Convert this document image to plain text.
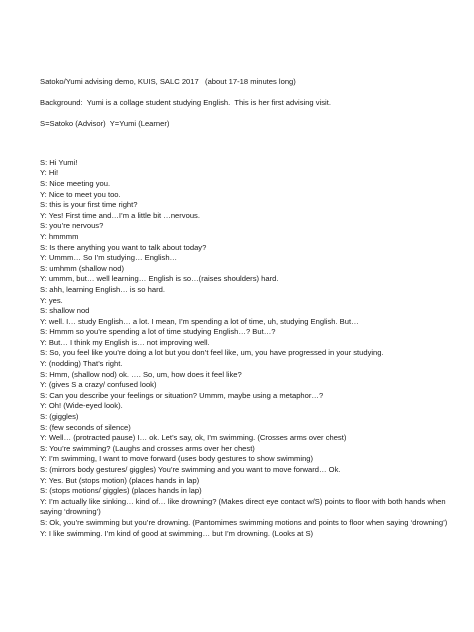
Satoko/Yumi advising demo, KUIS, SALC 2017   (about 17-18 minutes long)

Background:  Yumi is a collage student studying English.  This is her first advising visit.

S=Satoko (Advisor)  Y=Yumi (Learner)

S: Hi Yumi!

Y: Hi!

S: Nice meeting you.

Y: Nice to meet you too.

S: this is your first time right?

Y: Yes! First time and…I’m a little bit …nervous.

S: you’re nervous?

Y: hmmmm

S: Is there anything you want to talk about today?

Y: Ummm… So I’m studying… English…

S: umhmm (shallow nod)

Y: ummm, but… well learning… English is so…(raises shoulders) hard.

S: ahh, learning English… is so hard.

Y: yes.

S: shallow nod

Y: well. I… study English… a lot. I mean, I’m spending a lot of time, uh, studying English. But…

S: Hmmm so you’re spending a lot of time studying English…? But…?

Y: But… I think my English is… not improving well.

S: So, you feel like you’re doing a lot but you don’t feel like, um, you have progressed in your studying.

Y: (nodding) That’s right.

S: Hmm, (shallow nod) ok. …. So, um, how does it feel like?

Y: (gives S a crazy/ confused look)

S: Can you describe your feelings or situation? Ummm, maybe using a metaphor…?

Y: Oh! (Wide-eyed look).

S: (giggles)

S: (few seconds of silence)

Y: Well… (protracted pause) I… ok. Let’s say, ok, I’m swimming. (Crosses arms over chest)

S: You’re swimming? (Laughs and crosses arms over her chest)

Y: I’m swimming, I want to move forward (uses body gestures to show swimming)

S: (mirrors body gestures/ giggles) You’re swimming and you want to move forward… Ok.

Y: Yes. But (stops motion) (places hands in lap)

S: (stops motions/ giggles) (places hands in lap)

Y: I’m actually like sinking… kind of… like drowning? (Makes direct eye contact w/S) points to floor with both hands when saying ‘drowning’)

S: Ok, you’re swimming but you’re drowning. (Pantomimes swimming motions and points to floor when saying ‘drowning’)

Y: I like swimming. I’m kind of good at swimming… but I’m drowning. (Looks at S)
